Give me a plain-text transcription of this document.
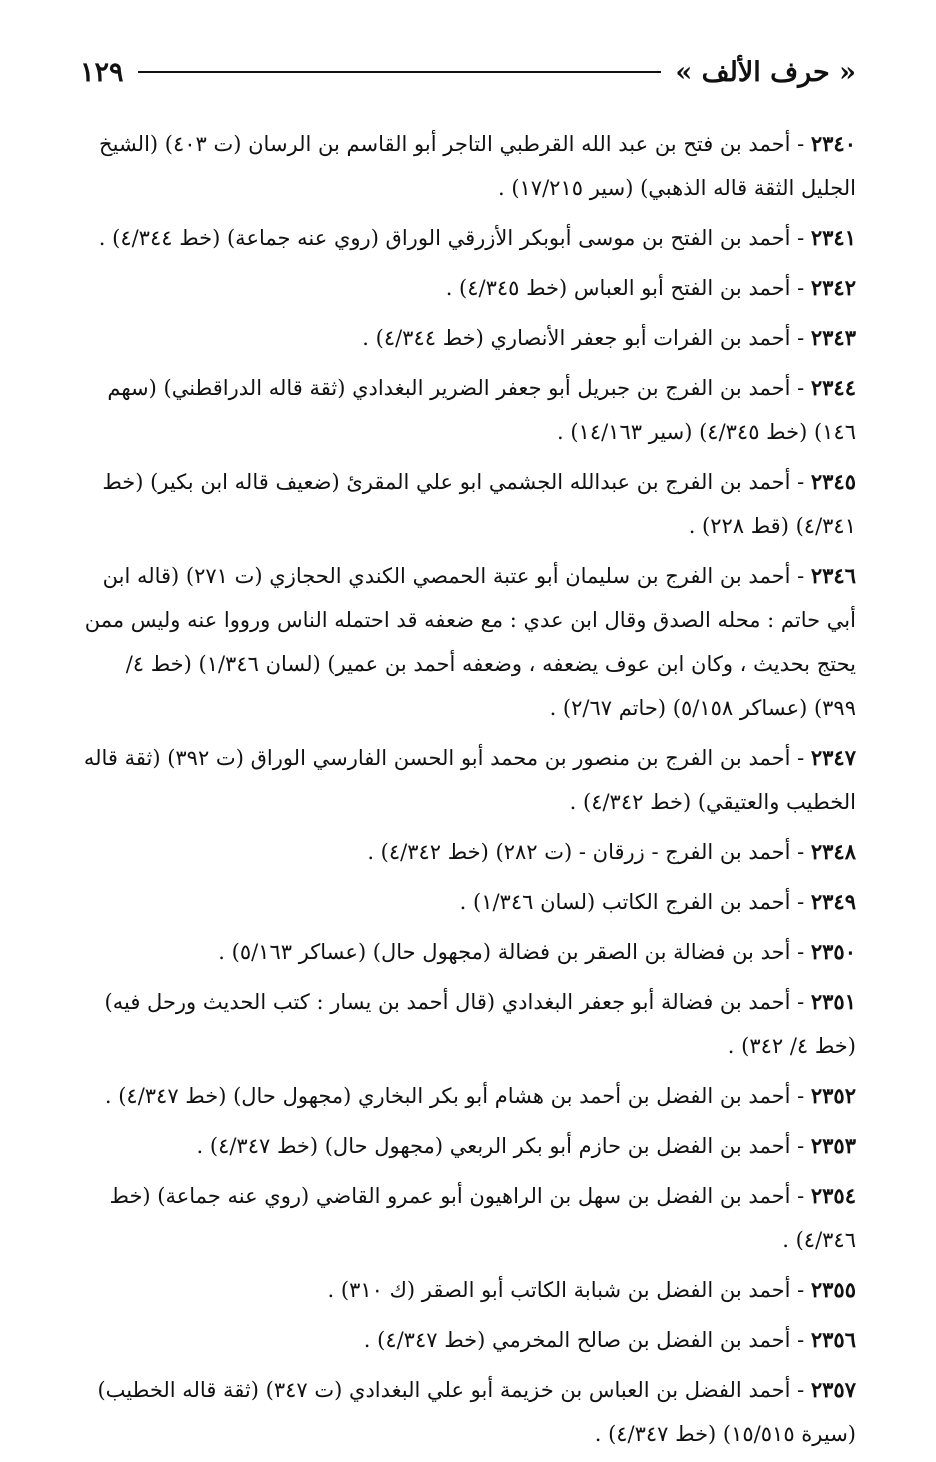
« حرف الألف »
١٢٩
٢٣٤٠ - أحمد بن فتح بن عبد الله القرطبي التاجر أبو القاسم بن الرسان (ت ٤٠٣) (الشيخ الجليل الثقة قاله الذهبي) (سير ١٧/٢١٥) .
٢٣٤١ - أحمد بن الفتح بن موسى أبوبكر الأزرقي الوراق (روي عنه جماعة) (خط ٤/٣٤٤) .
٢٣٤٢ - أحمد بن الفتح أبو العباس (خط ٤/٣٤٥) .
٢٣٤٣ - أحمد بن الفرات أبو جعفر الأنصاري (خط ٤/٣٤٤) .
٢٣٤٤ - أحمد بن الفرج بن جبريل أبو جعفر الضرير البغدادي (ثقة قاله الدراقطني) (سهم ١٤٦) (خط ٤/٣٤٥) (سير ١٤/١٦٣) .
٢٣٤٥ - أحمد بن الفرج بن عبدالله الجشمي ابو علي المقرئ (ضعيف قاله ابن بكير) (خط ٤/٣٤١) (قط ٢٢٨) .
٢٣٤٦ - أحمد بن الفرج بن سليمان أبو عتبة الحمصي الكندي الحجازي (ت ٢٧١) (قاله ابن أبي حاتم : محله الصدق وقال ابن عدي : مع ضعفه قد احتمله الناس ورووا عنه وليس ممن يحتج بحديث ، وكان ابن عوف يضعفه ، وضعفه أحمد بن عمير) (لسان ١/٣٤٦) (خط ٤/ ٣٩٩) (عساكر ٥/١٥٨) (حاتم ٢/٦٧) .
٢٣٤٧ - أحمد بن الفرج بن منصور بن محمد أبو الحسن الفارسي الوراق (ت ٣٩٢) (ثقة قاله الخطيب والعتيقي) (خط ٤/٣٤٢) .
٢٣٤٨ - أحمد بن الفرج - زرقان - (ت ٢٨٢) (خط ٤/٣٤٢) .
٢٣٤٩ - أحمد بن الفرج الكاتب (لسان ١/٣٤٦) .
٢٣٥٠ - أحد بن فضالة بن الصقر بن فضالة (مجهول حال) (عساكر ٥/١٦٣) .
٢٣٥١ - أحمد بن فضالة أبو جعفر البغدادي (قال أحمد بن يسار : كتب الحديث ورحل فيه) (خط ٤/ ٣٤٢) .
٢٣٥٢ - أحمد بن الفضل بن أحمد بن هشام أبو بكر البخاري (مجهول حال) (خط ٤/٣٤٧) .
٢٣٥٣ - أحمد بن الفضل بن حازم أبو بكر الربعي (مجهول حال) (خط ٤/٣٤٧) .
٢٣٥٤ - أحمد بن الفضل بن سهل بن الراهيون أبو عمرو القاضي (روي عنه جماعة) (خط ٤/٣٤٦) .
٢٣٥٥ - أحمد بن الفضل بن شبابة الكاتب أبو الصقر (ك ٣١٠) .
٢٣٥٦ - أحمد بن الفضل بن صالح المخرمي (خط ٤/٣٤٧) .
٢٣٥٧ - أحمد الفضل بن العباس بن خزيمة أبو علي البغدادي (ت ٣٤٧) (ثقة قاله الخطيب) (سيرة ١٥/٥١٥) (خط ٤/٣٤٧) .
